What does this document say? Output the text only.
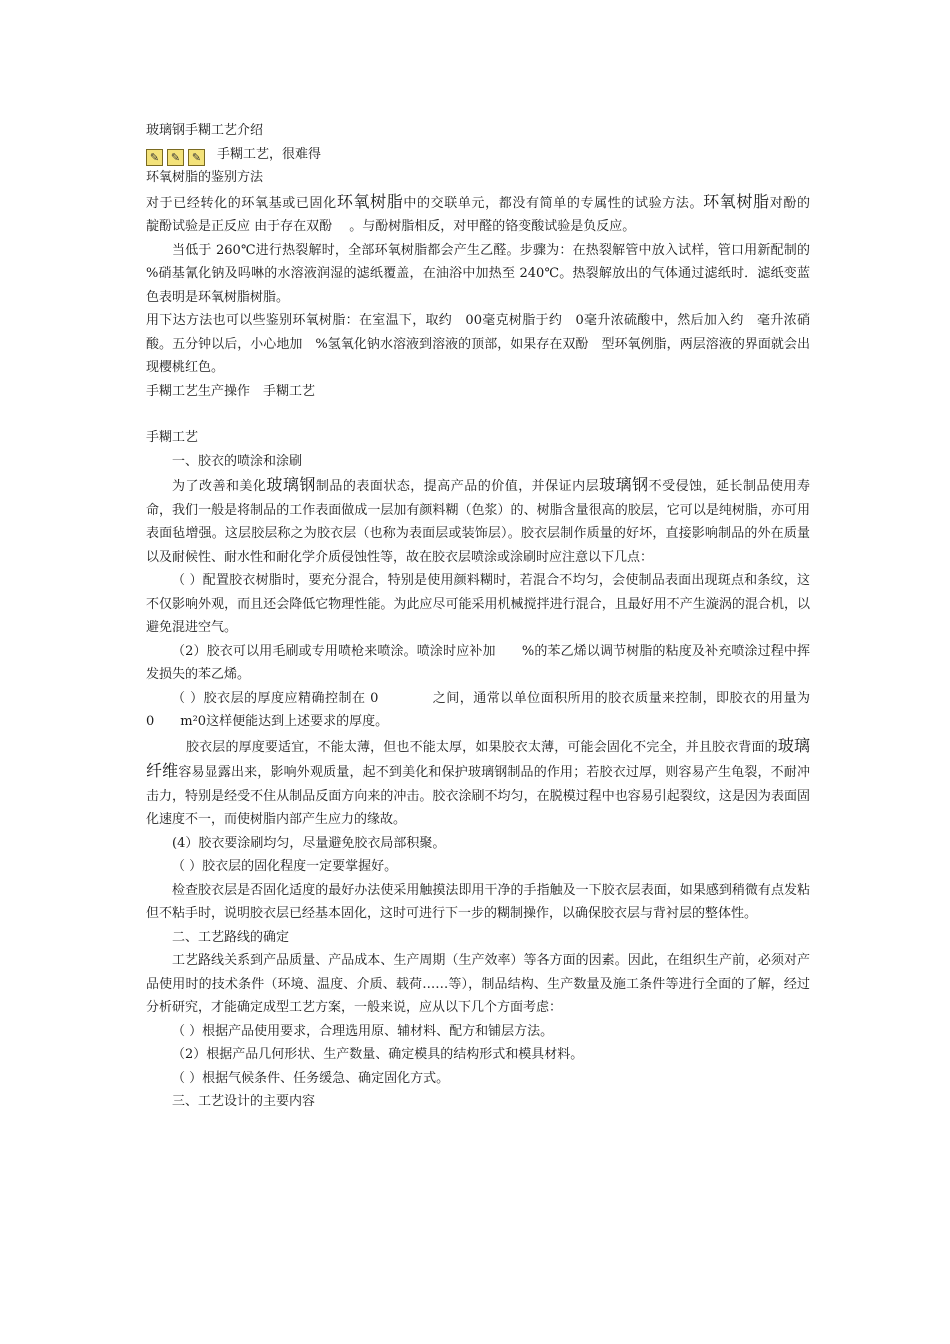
玻璃钢手糊工艺介绍

✎	✎	✎ 手糊工艺，很难得

环氧树脂的鉴别方法

对于已经转化的环氧基或已固化环氧树脂中的交联单元，都没有简单的专属性的试验方法。环氧树脂对酚的　　　靛酚试验是正反应 由于存在双酚　 。与酚树脂相反，对甲醛的铬变酸试验是负反应。

当低于 260℃进行热裂解时，全部环氧树脂都会产生乙醛。步骤为：在热裂解管中放入试样，管口用新配制的　%硝基氰化钠及吗啉的水溶液润湿的滤纸覆盖，在油浴中加热至 240℃。热裂解放出的气体通过滤纸时．滤纸变蓝色表明是环氧树脂树脂。

用下达方法也可以些鉴别环氧树脂：在室温下，取约　00毫克树脂于约　0毫升浓硫酸中，然后加入约　毫升浓硝酸。五分钟以后，小心地加　%氢氧化钠水溶液到溶液的顶部，如果存在双酚　型环氧例脂，两层溶液的界面就会出现樱桃红色。

手糊工艺生产操作　手糊工艺

手糊工艺

一、胶衣的喷涂和涂刷

为了改善和美化玻璃钢制品的表面状态，提高产品的价值，并保证内层玻璃钢不受侵蚀，延长制品使用寿命，我们一般是将制品的工作表面做成一层加有颜料糊（色浆）的、树脂含量很高的胶层，它可以是纯树脂，亦可用表面毡增强。这层胶层称之为胶衣层（也称为表面层或装饰层）。胶衣层制作质量的好坏，直接影响制品的外在质量以及耐候性、耐水性和耐化学介质侵蚀性等，故在胶衣层喷涂或涂刷时应注意以下几点：

（ ）配置胶衣树脂时，要充分混合，特别是使用颜料糊时，若混合不均匀，会使制品表面出现斑点和条纹，这不仅影响外观，而且还会降低它物理性能。为此应尽可能采用机械搅拌进行混合，且最好用不产生漩涡的混合机，以避免混进空气。

（2）胶衣可以用毛刷或专用喷枪来喷涂。喷涂时应补加　　%的苯乙烯以调节树脂的粘度及补充喷涂过程中挥发损失的苯乙烯。

（ ）胶衣层的厚度应精确控制在 0　　　　之间，通常以单位面积所用的胶衣质量来控制，即胶衣的用量为　　0　　m²0这样便能达到上述要求的厚度。

胶衣层的厚度要适宜，不能太薄，但也不能太厚，如果胶衣太薄，可能会固化不完全，并且胶衣背面的玻璃纤维容易显露出来，影响外观质量，起不到美化和保护玻璃钢制品的作用；若胶衣过厚，则容易产生龟裂，不耐冲击力，特别是经受不住从制品反面方向来的冲击。胶衣涂刷不均匀，在脱模过程中也容易引起裂纹，这是因为表面固化速度不一，而使树脂内部产生应力的缘故。

(4）胶衣要涂刷均匀，尽量避免胶衣局部积聚。

（ ）胶衣层的固化程度一定要掌握好。

检查胶衣层是否固化适度的最好办法使采用触摸法即用干净的手指触及一下胶衣层表面，如果感到稍微有点发粘但不粘手时，说明胶衣层已经基本固化，这时可进行下一步的糊制操作，以确保胶衣层与背衬层的整体性。

二、工艺路线的确定

工艺路线关系到产品质量、产品成本、生产周期（生产效率）等各方面的因素。因此，在组织生产前，必须对产品使用时的技术条件（环境、温度、介质、载荷……等），制品结构、生产数量及施工条件等进行全面的了解，经过分析研究，才能确定成型工艺方案，一般来说，应从以下几个方面考虑：

（ ）根据产品使用要求，合理选用原、辅材料、配方和铺层方法。

（2）根据产品几何形状、生产数量、确定模具的结构形式和模具材料。

（ ）根据气候条件、任务缓急、确定固化方式。

三、工艺设计的主要内容
